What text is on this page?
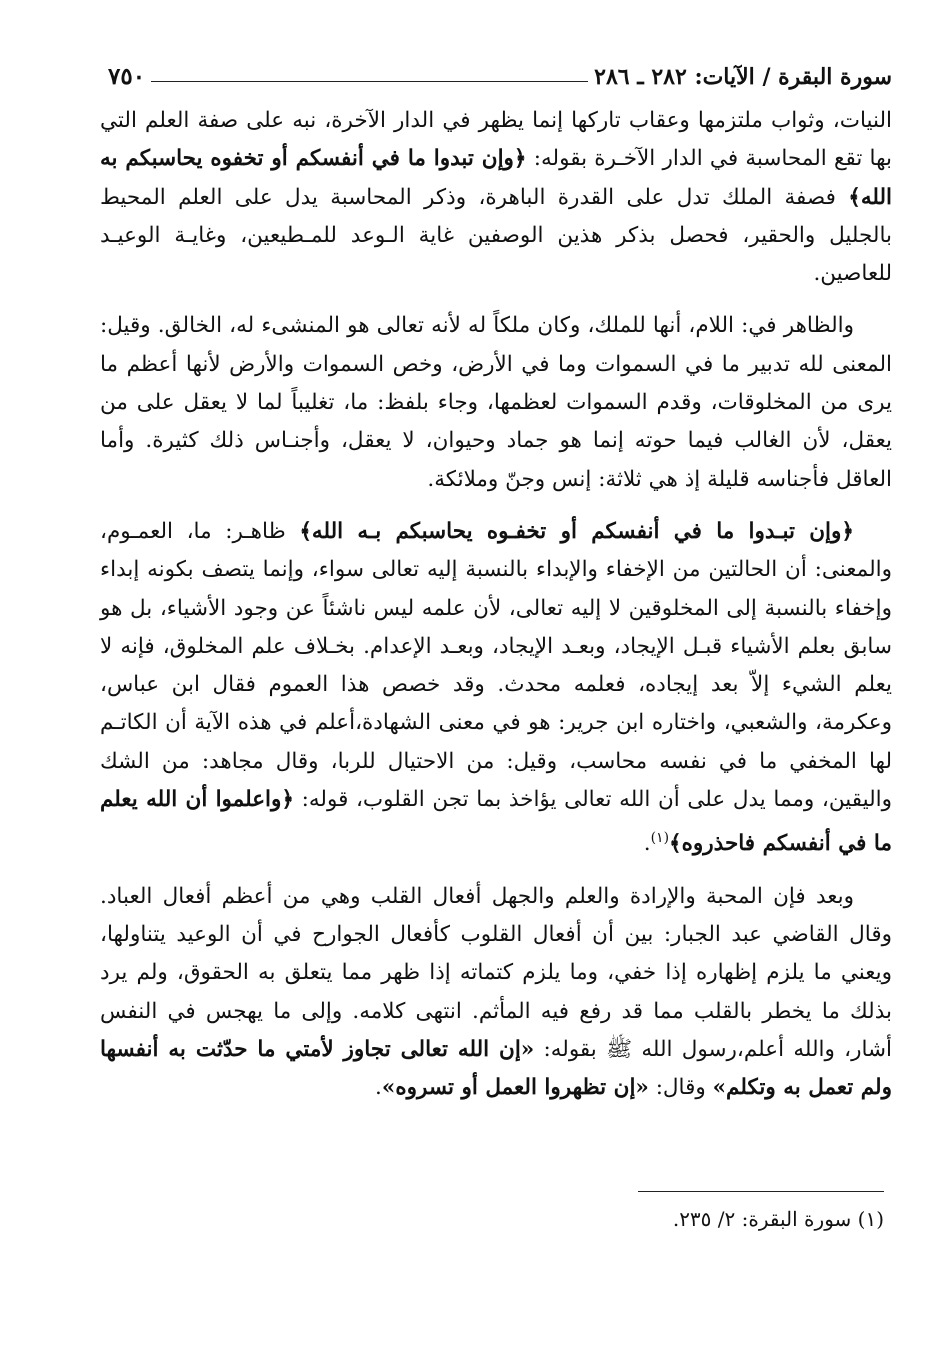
سورة البقرة / الآيات: ٢٨٢ ـ ٢٨٦
٧٥٠

النيات، وثواب ملتزمها وعقاب تاركها إنما يظهر في الدار الآخرة، نبه على صفة العلم التي بها تقع المحاسبة في الدار الآخـرة بقوله: ﴿وإن تبدوا ما في أنفسكم أو تخفوه يحاسبكم به الله﴾ فصفة الملك تدل على القدرة الباهرة، وذكر المحاسبة يدل على العلم المحيط بالجليل والحقير، فحصل بذكر هذين الوصفين غاية الـوعد للمـطيعين، وغايـة الوعيـد للعاصين.

والظاهر في: اللام، أنها للملك، وكان ملكاً له لأنه تعالى هو المنشىء له، الخالق. وقيل: المعنى لله تدبير ما في السموات وما في الأرض، وخص السموات والأرض لأنها أعظم ما يرى من المخلوقات، وقدم السموات لعظمها، وجاء بلفظ: ما، تغليباً لما لا يعقل على من يعقل، لأن الغالب فيما حوته إنما هو جماد وحيوان، لا يعقل، وأجنـاس ذلك كثيرة. وأما العاقل فأجناسه قليلة إذ هي ثلاثة: إنس وجنّ وملائكة.

﴿وإن تبـدوا ما في أنفسكم أو تخفـوه يحاسبكم بـه الله﴾ ظاهـر: ما، العمـوم، والمعنى: أن الحالتين من الإخفاء والإبداء بالنسبة إليه تعالى سواء، وإنما يتصف بكونه إبداء وإخفاء بالنسبة إلى المخلوقين لا إليه تعالى، لأن علمه ليس ناشئاً عن وجود الأشياء، بل هو سابق بعلم الأشياء قبـل الإيجاد، وبعـد الإيجاد، وبعـد الإعدام. بخـلاف علم المخلوق، فإنه لا يعلم الشيء إلاّ بعد إيجاده، فعلمه محدث. وقد خصص هذا العموم فقال ابن عباس، وعكرمة، والشعبي، واختاره ابن جرير: هو في معنى الشهادة،أعلم في هذه الآية أن الكاتـم لها المخفي ما في نفسه محاسب، وقيل: من الاحتيال للربا، وقال مجاهد: من الشك واليقين، ومما يدل على أن الله تعالى يؤاخذ بما تجن القلوب، قوله: ﴿واعلموا أن الله يعلم ما في أنفسكم فاحذروه﴾$^{(١)}$.

وبعد فإن المحبة والإرادة والعلم والجهل أفعال القلب وهي من أعظم أفعال العباد. وقال القاضي عبد الجبار: بين أن أفعال القلوب كأفعال الجوارح في أن الوعيد يتناولها، ويعني ما يلزم إظهاره إذا خفي، وما يلزم كتماته إذا ظهر مما يتعلق به الحقوق، ولم يرد بذلك ما يخطر بالقلب مما قد رفع فيه المأثم. انتهى كلامه. وإلى ما يهجس في النفس أشار، والله أعلم،رسول الله ﷺ بقوله: «إن الله تعالى تجاوز لأمتي ما حدّثت به أنفسها ولم تعمل به وتكلم» وقال: «إن تظهروا العمل أو تسروه».

(١) سورة البقرة: ٢/ ٢٣٥.
